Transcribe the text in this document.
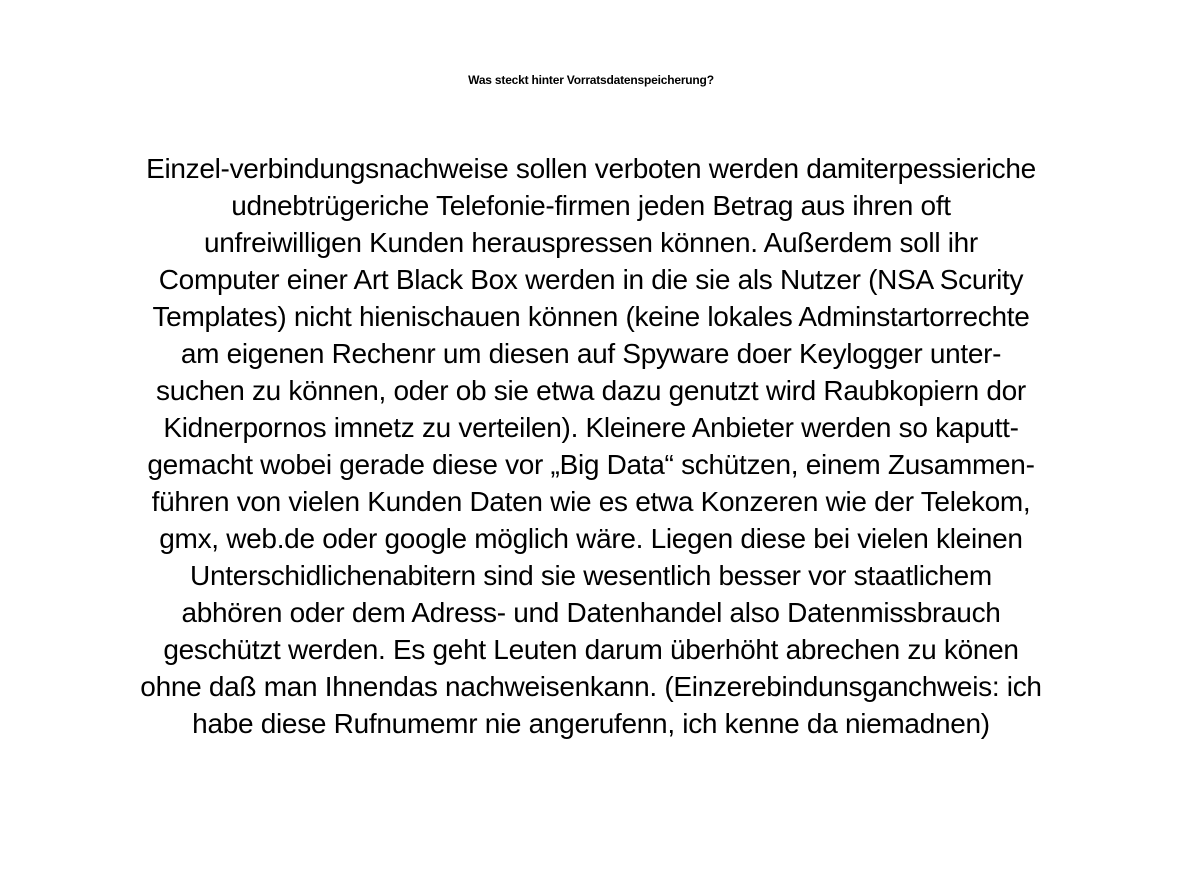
Was steckt hinter Vorratsdatenspeicherung?
Einzel-verbindungsnachweise sollen verboten werden damiterpessieriche
udnebtrügeriche Telefonie-firmen jeden Betrag aus ihren oft
unfreiwilligen Kunden herauspressen können. Außerdem soll ihr
Computer einer Art Black Box werden in die sie als Nutzer (NSA Scurity
Templates) nicht hienischauen können (keine lokales Adminstartorrechte
am eigenen Rechenr um diesen auf Spyware doer Keylogger unter-
suchen zu können, oder ob sie etwa dazu genutzt wird Raubkopiern dor
Kidnerpornos imnetz zu verteilen). Kleinere Anbieter werden so kaputt-
gemacht wobei gerade diese vor „Big Data“ schützen, einem Zusammen-
führen von vielen Kunden Daten wie es etwa Konzeren wie der Telekom,
gmx, web.de oder google möglich wäre. Liegen diese bei vielen kleinen
Unterschidlichenabitern sind sie wesentlich besser vor staatlichem
abhören oder dem Adress- und Datenhandel also Datenmissbrauch
geschützt werden. Es geht Leuten darum überhöht abrechen zu könen
ohne daß man Ihnendas nachweisenkann. (Einzerebindunsganchweis: ich
habe diese Rufnumemr nie angerufenn, ich kenne da niemadnen)
